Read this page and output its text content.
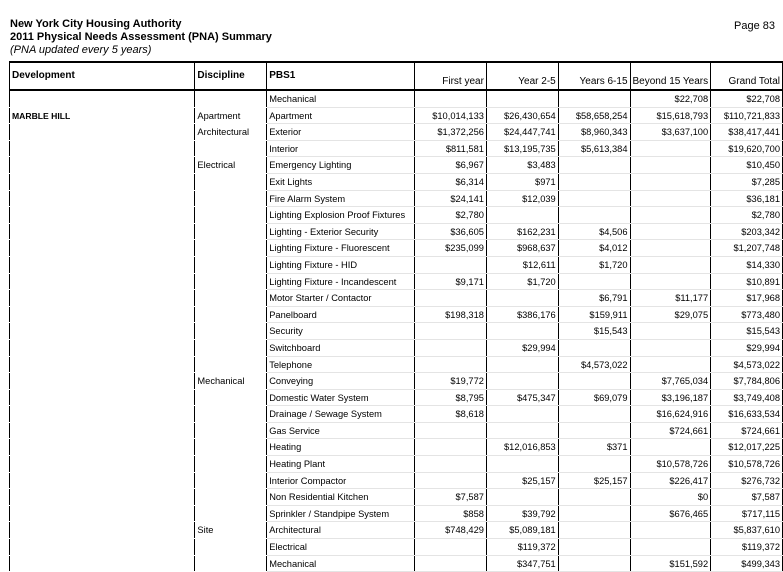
New York City Housing Authority
2011 Physical Needs Assessment (PNA) Summary
(PNA updated every 5 years)
Page 83
Development	Discipline	PBS1	First year	Year 2-5	Years 6-15	Beyond 15 Years	Grand Total
		Mechanical				$22,708	$22,708
MARBLE HILL	Apartment	Apartment	$10,014,133	$26,430,654	$58,658,254	$15,618,793	$110,721,833
	Architectural	Exterior	$1,372,256	$24,447,741	$8,960,343	$3,637,100	$38,417,441
		Interior	$811,581	$13,195,735	$5,613,384		$19,620,700
	Electrical	Emergency Lighting	$6,967	$3,483			$10,450
		Exit Lights	$6,314	$971			$7,285
		Fire Alarm System	$24,141	$12,039			$36,181
		Lighting Explosion Proof Fixtures	$2,780				$2,780
		Lighting - Exterior Security	$36,605	$162,231	$4,506		$203,342
		Lighting Fixture - Fluorescent	$235,099	$968,637	$4,012		$1,207,748
		Lighting Fixture - HID		$12,611	$1,720		$14,330
		Lighting Fixture - Incandescent	$9,171	$1,720			$10,891
		Motor Starter / Contactor			$6,791	$11,177	$17,968
		Panelboard	$198,318	$386,176	$159,911	$29,075	$773,480
		Security			$15,543		$15,543
		Switchboard		$29,994			$29,994
		Telephone			$4,573,022		$4,573,022
	Mechanical	Conveying	$19,772			$7,765,034	$7,784,806
		Domestic Water System	$8,795	$475,347	$69,079	$3,196,187	$3,749,408
		Drainage / Sewage System	$8,618			$16,624,916	$16,633,534
		Gas Service				$724,661	$724,661
		Heating		$12,016,853	$371		$12,017,225
		Heating Plant				$10,578,726	$10,578,726
		Interior Compactor		$25,157	$25,157	$226,417	$276,732
		Non Residential Kitchen	$7,587			$0	$7,587
		Sprinkler / Standpipe System	$858	$39,792		$676,465	$717,115
	Site	Architectural	$748,429	$5,089,181			$5,837,610
		Electrical		$119,372			$119,372
		Mechanical		$347,751		$151,592	$499,343
